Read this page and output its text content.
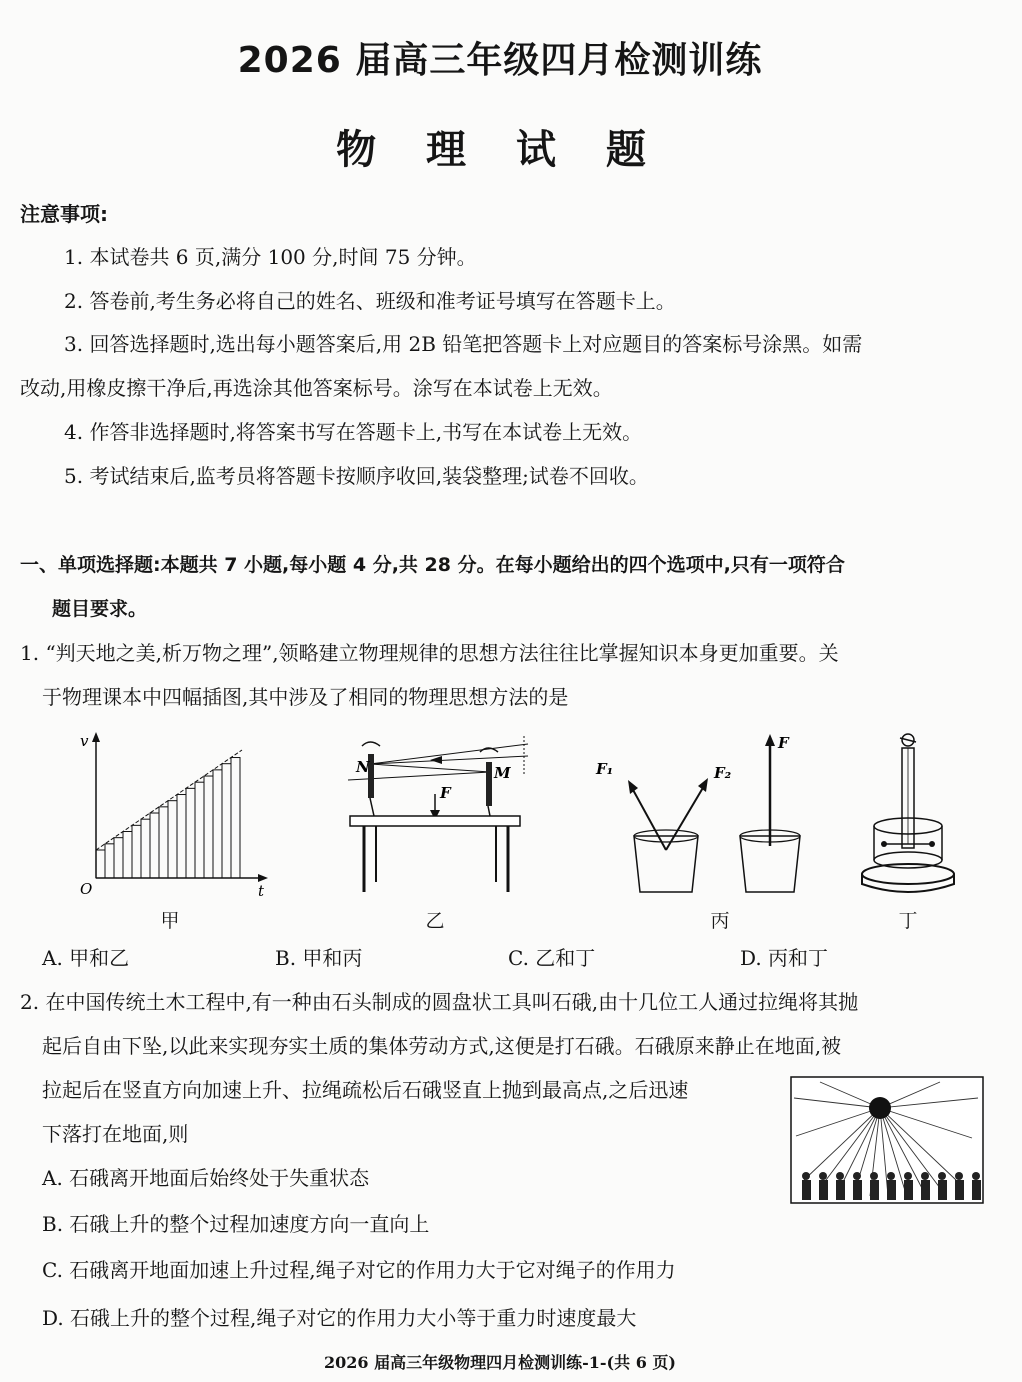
2026 届高三年级四月检测训练
物 理 试 题
注意事项:
1. 本试卷共 6 页,满分 100 分,时间 75 分钟。
2. 答卷前,考生务必将自己的姓名、班级和准考证号填写在答题卡上。
3. 回答选择题时,选出每小题答案后,用 2B 铅笔把答题卡上对应题目的答案标号涂黑。如需
改动,用橡皮擦干净后,再选涂其他答案标号。涂写在本试卷上无效。
4. 作答非选择题时,将答案书写在答题卡上,书写在本试卷上无效。
5. 考试结束后,监考员将答题卡按顺序收回,装袋整理;试卷不回收。
一、单项选择题:本题共 7 小题,每小题 4 分,共 28 分。在每小题给出的四个选项中,只有一项符合
题目要求。
1. “判天地之美,析万物之理”,领略建立物理规律的思想方法往往比掌握知识本身更加重要。关
于物理课本中四幅插图,其中涉及了相同的物理思想方法的是
v
t
O
甲
N	M
F
乙
F₁	F₂
F
丙	丁
A. 甲和乙	B. 甲和丙	C. 乙和丁	D. 丙和丁
2. 在中国传统土木工程中,有一种由石头制成的圆盘状工具叫石硪,由十几位工人通过拉绳将其抛
起后自由下坠,以此来实现夯实土质的集体劳动方式,这便是打石硪。石硪原来静止在地面,被
拉起后在竖直方向加速上升、拉绳疏松后石硪竖直上抛到最高点,之后迅速
下落打在地面,则
A. 石硪离开地面后始终处于失重状态
B. 石硪上升的整个过程加速度方向一直向上
C. 石硪离开地面加速上升过程,绳子对它的作用力大于它对绳子的作用力
D. 石硪上升的整个过程,绳子对它的作用力大小等于重力时速度最大
2026 届高三年级物理四月检测训练-1-(共 6 页)
